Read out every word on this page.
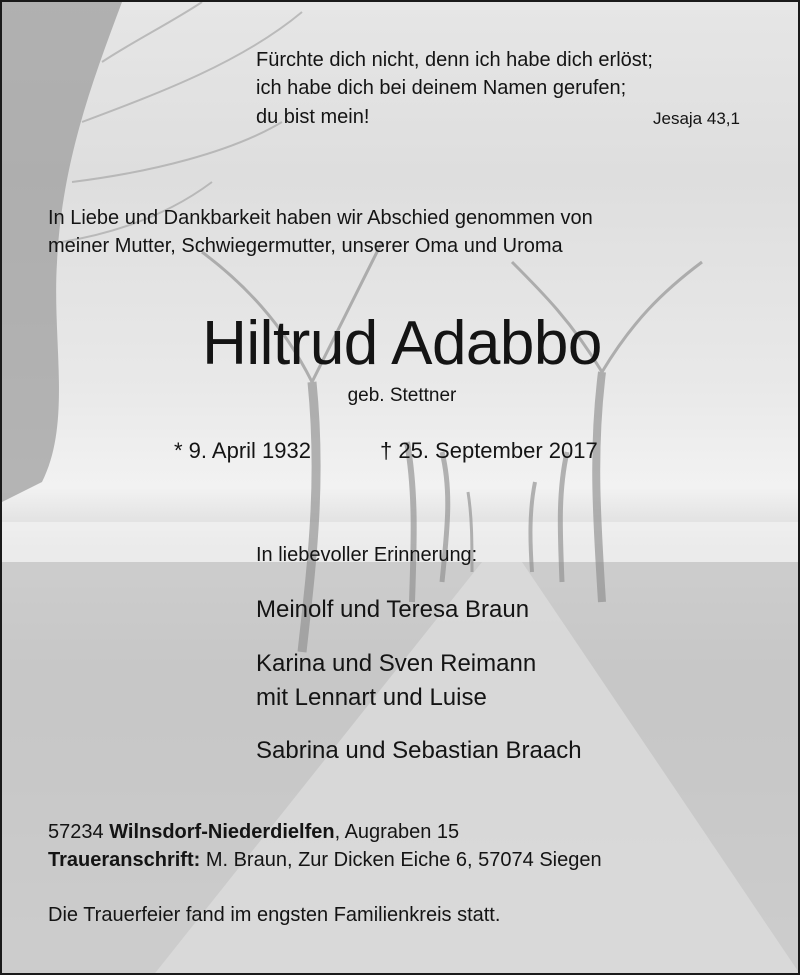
Fürchte dich nicht, denn ich habe dich erlöst;

ich habe dich bei deinem Namen gerufen;

du bist mein!	Jesaja 43,1

In Liebe und Dankbarkeit haben wir Abschied genommen von

meiner Mutter, Schwiegermutter, unserer Oma und Uroma

Hiltrud Adabbo

geb. Stettner

* 9. April 1932	† 25. September 2017

In liebevoller Erinnerung:

Meinolf und Teresa Braun

Karina und Sven Reimann

mit Lennart und Luise

Sabrina und Sebastian Braach

57234 Wilnsdorf-Niederdielfen, Augraben 15

Traueranschrift: M. Braun, Zur Dicken Eiche 6, 57074 Siegen

Die Trauerfeier fand im engsten Familienkreis statt.
